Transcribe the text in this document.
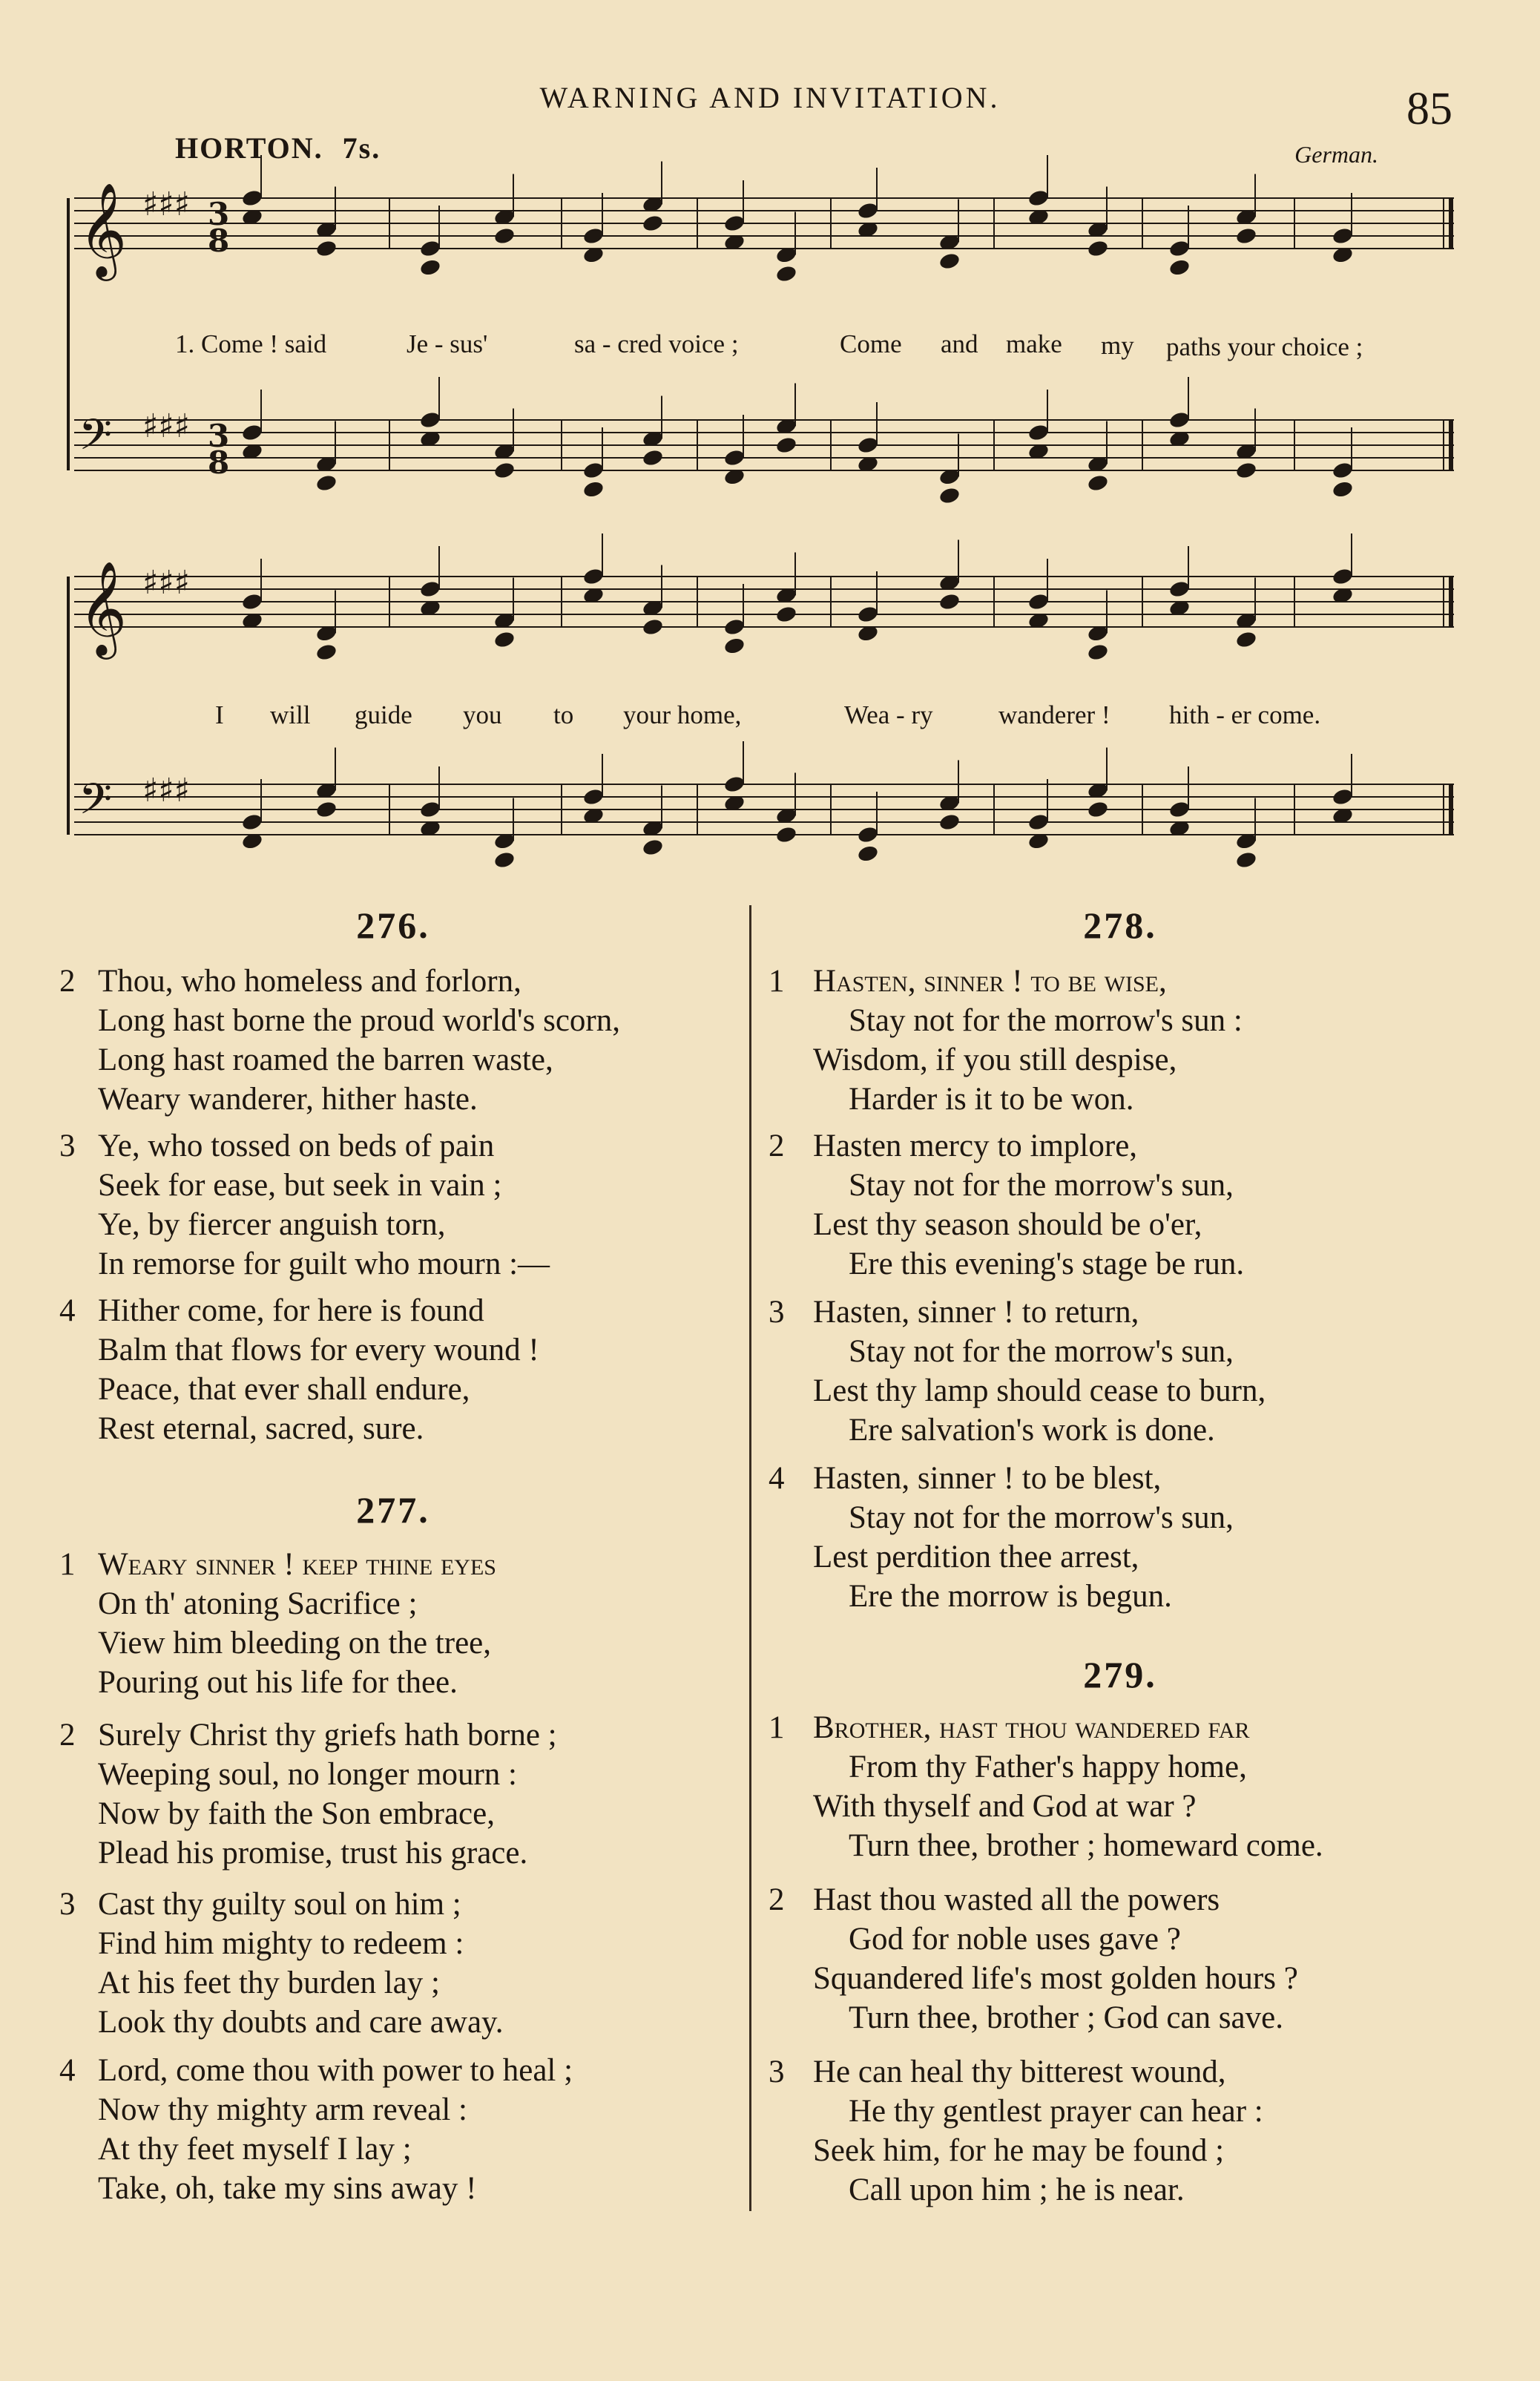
WARNING AND INVITATION.	85
HORTON. 7s.	German.
𝄞 ♯♯♯ 3
8
𝄢 ♯♯♯ 3
8
𝄞 ♯♯♯
𝄢 ♯♯♯
1. Come ! said	Je - sus'	sa - cred voice ;	Come and make my paths your choice ;
I will guide you to your home,	Wea - ry	wanderer ! hith - er come.
276.
2 Thou, who homeless and forlorn,
Long hast borne the proud world's scorn,
Long hast roamed the barren waste,
Weary wanderer, hither haste.
3 Ye, who tossed on beds of pain
Seek for ease, but seek in vain ;
Ye, by fiercer anguish torn,
In remorse for guilt who mourn :—
4 Hither come, for here is found
Balm that flows for every wound !
Peace, that ever shall endure,
Rest eternal, sacred, sure.
277.
1 Weary sinner ! keep thine eyes
On th' atoning Sacrifice ;
View him bleeding on the tree,
Pouring out his life for thee.
2 Surely Christ thy griefs hath borne ;
Weeping soul, no longer mourn :
Now by faith the Son embrace,
Plead his promise, trust his grace.
3 Cast thy guilty soul on him ;
Find him mighty to redeem :
At his feet thy burden lay ;
Look thy doubts and care away.
4 Lord, come thou with power to heal ;
Now thy mighty arm reveal :
At thy feet myself I lay ;
Take, oh, take my sins away !
278.
1 Hasten, sinner ! to be wise,
Stay not for the morrow's sun :
Wisdom, if you still despise,
Harder is it to be won.
2 Hasten mercy to implore,
Stay not for the morrow's sun,
Lest thy season should be o'er,
Ere this evening's stage be run.
3 Hasten, sinner ! to return,
Stay not for the morrow's sun,
Lest thy lamp should cease to burn,
Ere salvation's work is done.
4 Hasten, sinner ! to be blest,
Stay not for the morrow's sun,
Lest perdition thee arrest,
Ere the morrow is begun.
279.
1 Brother, hast thou wandered far
From thy Father's happy home,
With thyself and God at war ?
Turn thee, brother ; homeward come.
2 Hast thou wasted all the powers
God for noble uses gave ?
Squandered life's most golden hours ?
Turn thee, brother ; God can save.
3 He can heal thy bitterest wound,
He thy gentlest prayer can hear :
Seek him, for he may be found ;
Call upon him ; he is near.
